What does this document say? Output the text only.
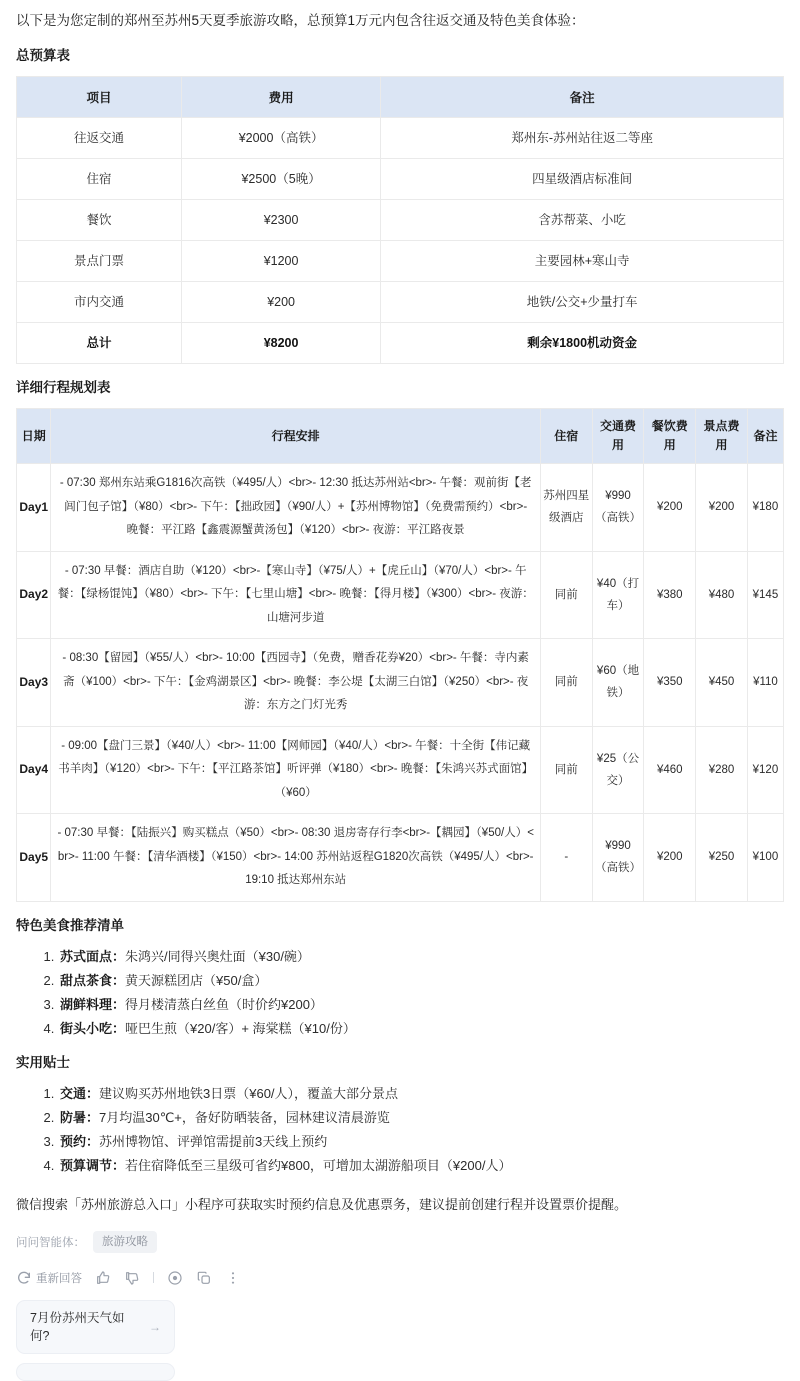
以下是为您定制的郑州至苏州5天夏季旅游攻略，总预算1万元内包含往返交通及特色美食体验：

总预算表
项目	费用	备注
往返交通	¥2000（高铁）	郑州东-苏州站往返二等座
住宿	¥2500（5晚）	四星级酒店标准间
餐饮	¥2300	含苏帮菜、小吃
景点门票	¥1200	主要园林+寒山寺
市内交通	¥200	地铁/公交+少量打车
总计	¥8200	剩余¥1800机动资金
详细行程规划表
日期	行程安排	住宿	交通费用	餐饮费用	景点费用	备注
Day1	- 07:30 郑州东站乘G1816次高铁（¥495/人）<br>- 12:30 抵达苏州站<br>- 午餐：观前街【老闾门包子馆】（¥80）<br>- 下午：【拙政园】（¥90/人）+【苏州博物馆】（免费需预约）<br>- 晚餐：平江路【鑫震源蟹黄汤包】（¥120）<br>- 夜游：平江路夜景	苏州四星级酒店	¥990（高铁）	¥200	¥200	¥180
Day2	- 07:30 早餐：酒店自助（¥120）<br>-【寒山寺】（¥75/人）+【虎丘山】（¥70/人）<br>- 午餐：【绿杨馄饨】（¥80）<br>- 下午：【七里山塘】<br>- 晚餐：【得月楼】（¥300）<br>- 夜游：山塘河步道	同前	¥40（打车）	¥380	¥480	¥145
Day3	- 08:30【留园】（¥55/人）<br>- 10:00【西园寺】（免费，赠香花券¥20）<br>- 午餐：寺内素斋（¥100）<br>- 下午：【金鸡湖景区】<br>- 晚餐：李公堤【太湖三白馆】（¥250）<br>- 夜游：东方之门灯光秀	同前	¥60（地铁）	¥350	¥450	¥110
Day4	- 09:00【盘门三景】（¥40/人）<br>- 11:00【网师园】（¥40/人）<br>- 午餐：十全街【伟记藏书羊肉】（¥120）<br>- 下午：【平江路茶馆】听评弹（¥180）<br>- 晚餐：【朱鸿兴苏式面馆】（¥60）	同前	¥25（公交）	¥460	¥280	¥120
Day5	- 07:30 早餐：【陆振兴】购买糕点（¥50）<br>- 08:30 退房寄存行李<br>-【耦园】（¥50/人）<br>- 11:00 午餐：【清华酒楼】（¥150）<br>- 14:00 苏州站返程G1820次高铁（¥495/人）<br>- 19:10 抵达郑州东站	-	¥990（高铁）	¥200	¥250	¥100
特色美食推荐清单
1. 苏式面点：朱鸿兴/同得兴奥灶面（¥30/碗）
2. 甜点茶食：黄天源糕团店（¥50/盒）
3. 湖鲜料理：得月楼清蒸白丝鱼（时价约¥200）
4. 街头小吃：哑巴生煎（¥20/客）+ 海棠糕（¥10/份）
实用贴士
1. 交通：建议购买苏州地铁3日票（¥60/人），覆盖大部分景点
2. 防暑：7月均温30℃+，备好防晒装备，园林建议清晨游览
3. 预约：苏州博物馆、评弹馆需提前3天线上预约
4. 预算调节：若住宿降低至三星级可省约¥800，可增加太湖游船项目（¥200/人）

微信搜索「苏州旅游总入口」小程序可获取实时预约信息及优惠票务，建议提前创建行程并设置票价提醒。

问问智能体：	旅游攻略
重新回答
7月份苏州天气如何?
→
